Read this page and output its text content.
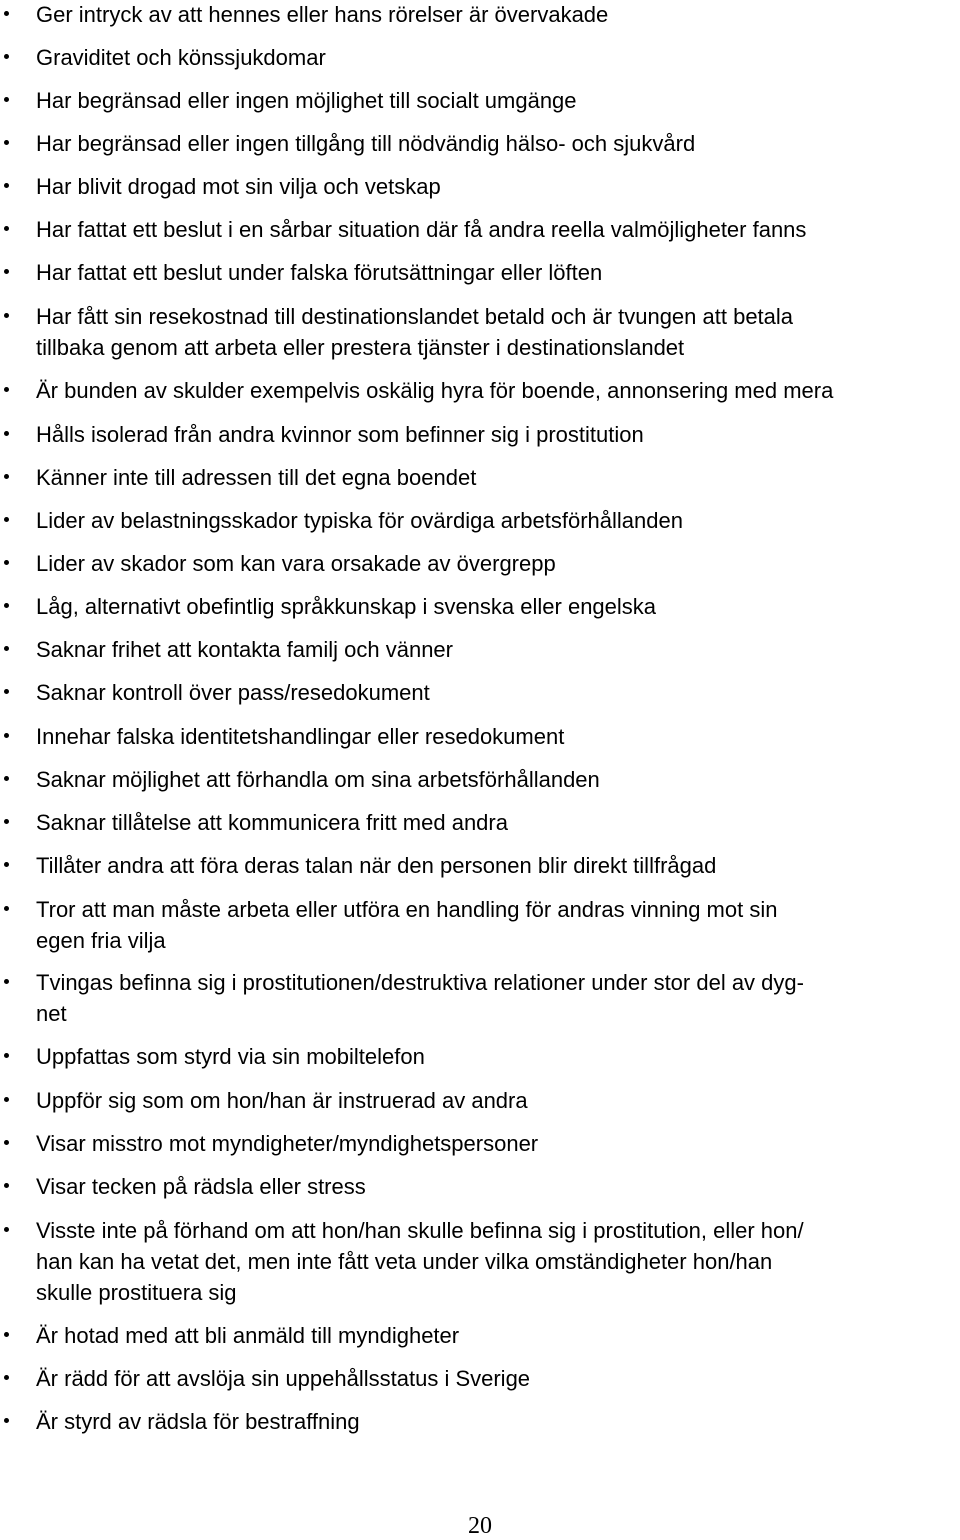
Ger intryck av att hennes eller hans rörelser är övervakade
Graviditet och könssjukdomar
Har begränsad eller ingen möjlighet till socialt umgänge
Har begränsad eller ingen tillgång till nödvändig hälso- och sjukvård
Har blivit drogad mot sin vilja och vetskap
Har fattat ett beslut i en sårbar situation där få andra reella valmöjligheter fanns
Har fattat ett beslut under falska förutsättningar eller löften
Har fått sin resekostnad till destinationslandet betald och är tvungen att betala
tillbaka genom att arbeta eller prestera tjänster i destinationslandet
Är bunden av skulder exempelvis oskälig hyra för boende, annonsering med mera
Hålls isolerad från andra kvinnor som befinner sig i prostitution
Känner inte till adressen till det egna boendet
Lider av belastningsskador typiska för ovärdiga arbetsförhållanden
Lider av skador som kan vara orsakade av övergrepp
Låg, alternativt obefintlig språkkunskap i svenska eller engelska
Saknar frihet att kontakta familj och vänner
Saknar kontroll över pass/resedokument
Innehar falska identitetshandlingar eller resedokument
Saknar möjlighet att förhandla om sina arbetsförhållanden
Saknar tillåtelse att kommunicera fritt med andra
Tillåter andra att föra deras talan när den personen blir direkt tillfrågad
Tror att man måste arbeta eller utföra en handling för andras vinning mot sin
egen fria vilja
Tvingas befinna sig i prostitutionen/destruktiva relationer under stor del av dyg-
net
Uppfattas som styrd via sin mobiltelefon
Uppför sig som om hon/han är instruerad av andra
Visar misstro mot myndigheter/myndighetspersoner
Visar tecken på rädsla eller stress
Visste inte på förhand om att hon/han skulle befinna sig i prostitution, eller hon/
han kan ha vetat det, men inte fått veta under vilka omständigheter hon/han
skulle prostituera sig
Är hotad med att bli anmäld till myndigheter
Är rädd för att avslöja sin uppehållsstatus i Sverige
Är styrd av rädsla för bestraffning
20
